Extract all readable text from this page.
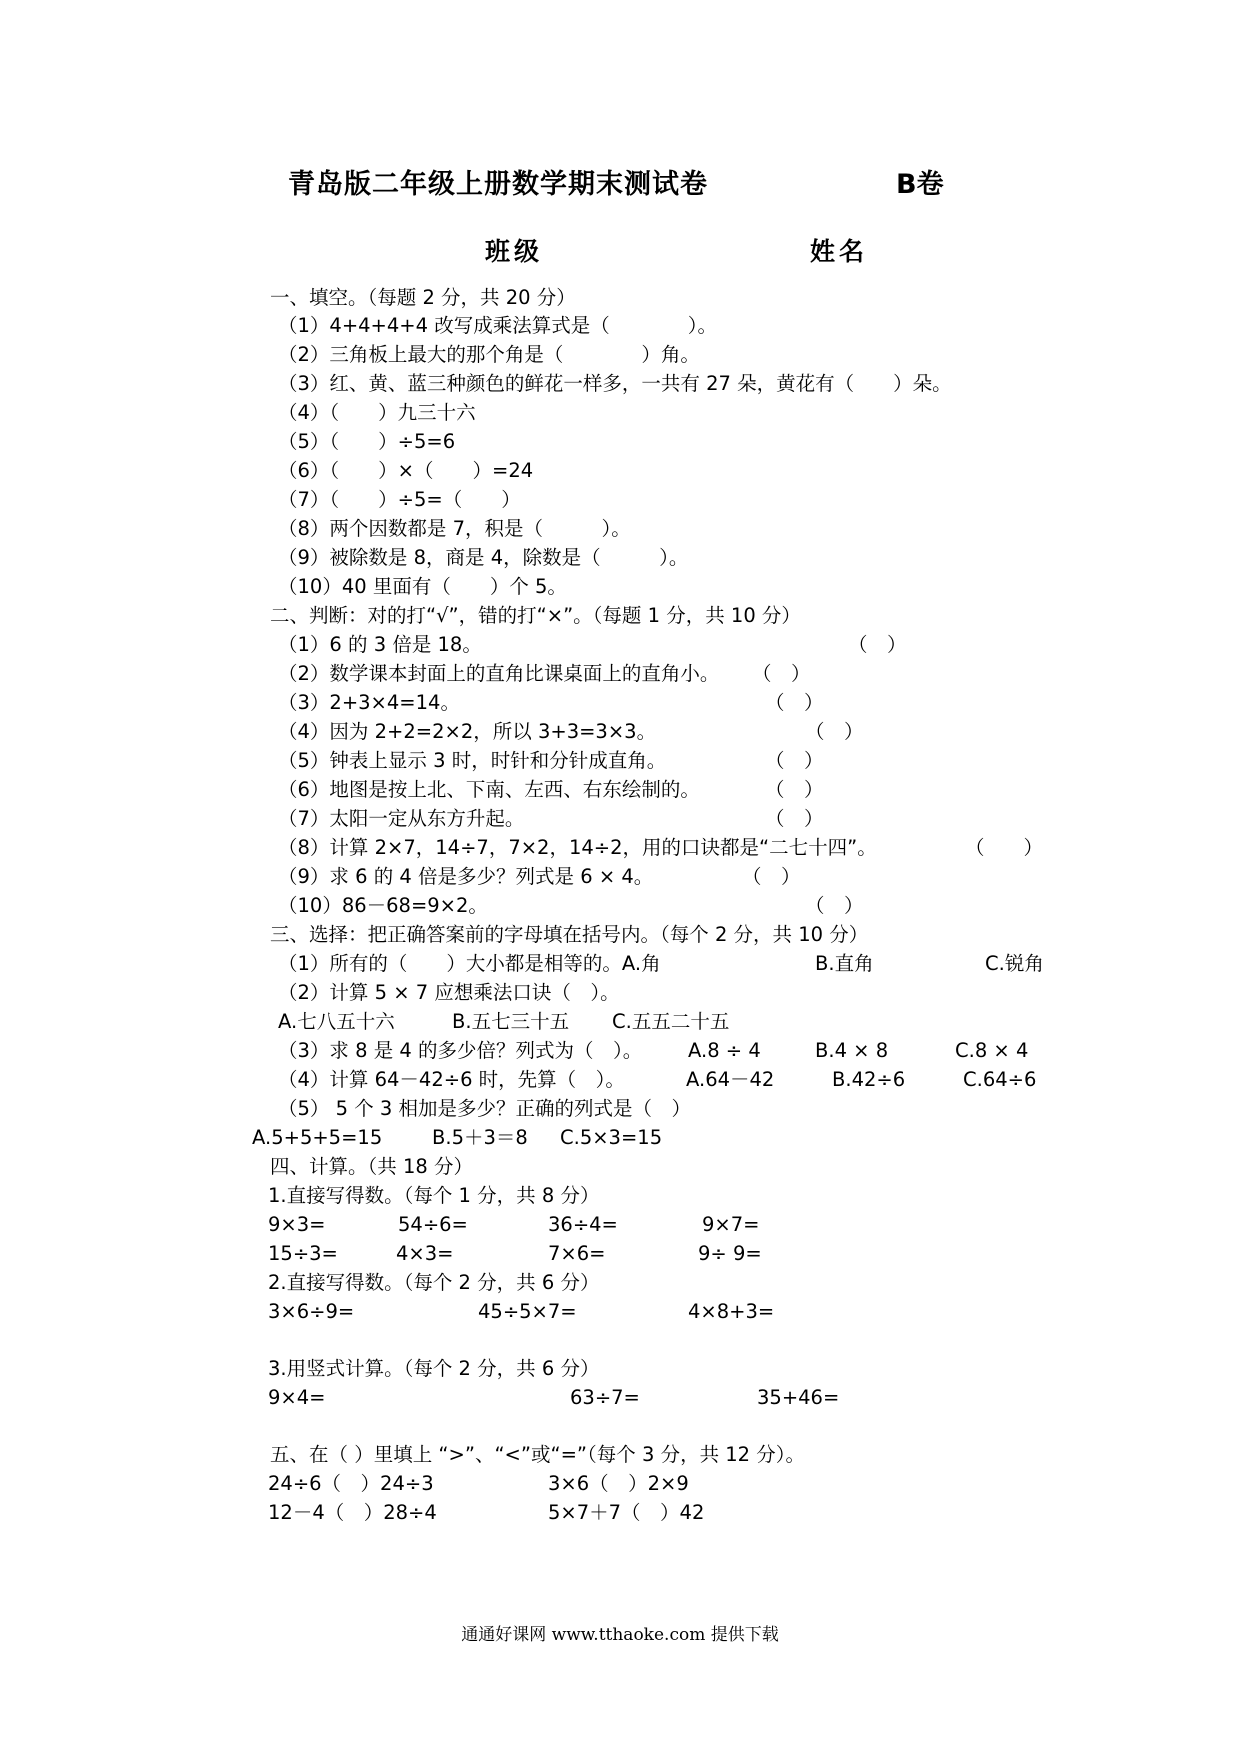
青岛版二年级上册数学期末测试卷	B卷
班级	姓名
一、填空。（每题 2 分，共 20 分）
（1）4+4+4+4 改写成乘法算式是（　　　　）。
（2）三角板上最大的那个角是（　　　　）角。
（3）红、黄、蓝三种颜色的鲜花一样多，一共有 27 朵，黄花有（　　）朵。
（4）（　　）九三十六
（5）（　　）÷5=6
（6）（　　）×（　　）=24
（7）（　　）÷5=（　　）
（8）两个因数都是 7，积是（　　　）。
（9）被除数是 8，商是 4，除数是（　　　）。
（10）40 里面有（　　）个 5。
二、判断：对的打“√”，错的打“×”。（每题 1 分，共 10 分）
（1）6 的 3 倍是 18。	（　）
（2）数学课本封面上的直角比课桌面上的直角小。 （　）
（3）2+3×4=14。	（　）
（4）因为 2+2=2×2，所以 3+3=3×3。	（　）
（5）钟表上显示 3 时，时针和分针成直角。	（　）
（6）地图是按上北、下南、左西、右东绘制的。	（　）
（7）太阳一定从东方升起。	（　）
（8）计算 2×7，14÷7，7×2，14÷2，用的口诀都是“二七十四”。	（　　）
（9）求 6 的 4 倍是多少？列式是 6 × 4。	（　）
（10）86－68=9×2。	（　）
三、选择：把正确答案前的字母填在括号内。（每个 2 分，共 10 分）
（1）所有的（　　）大小都是相等的。A.角	B.直角	C.锐角
（2）计算 5 × 7 应想乘法口诀（　）。
A.七八五十六	B.五七三十五 C.五五二十五
（3）求 8 是 4 的多少倍？列式为（　）。 A.8 ÷ 4	B.4 × 8	C.8 × 4
（4）计算 64－42÷6 时，先算（　）。	A.64－42	B.42÷6	C.64÷6
（5） 5 个 3 相加是多少？正确的列式是（　）
A.5+5+5=15	B.5＋3＝8 C.5×3=15
四、计算。（共 18 分）
1.直接写得数。（每个 1 分，共 8 分）
9×3=	54÷6=	36÷4=	9×7=
15÷3=	4×3=	7×6=	9÷ 9=
2.直接写得数。（每个 2 分，共 6 分）
3×6÷9=	45÷5×7=	4×8+3=
3.用竖式计算。（每个 2 分，共 6 分）
9×4=	63÷7=	35+46=
五、在（ ）里填上 “>”、“<”或“=”（每个 3 分，共 12 分）。
24÷6（　）24÷3	3×6（　）2×9
12－4（　）28÷4	5×7＋7（　）42
通通好课网 www.tthaoke.com 提供下载
